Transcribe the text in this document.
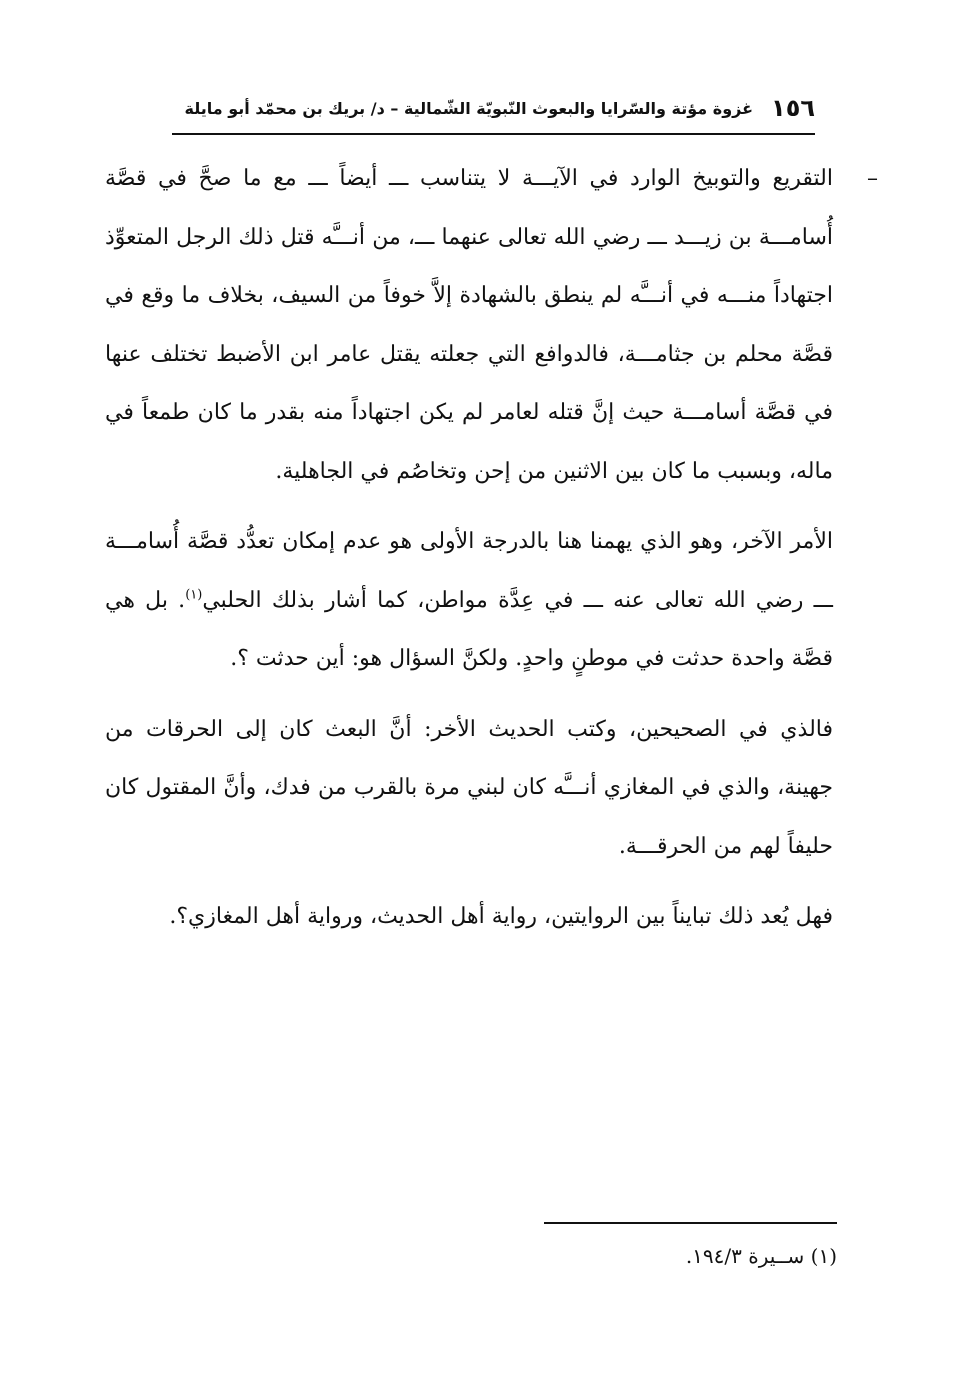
١٥٦
غزوة مؤتة والسّرايا والبعوث النّبويّة الشّمالية – د/ بريك بن محمّد أبو مايلة

–
التقريع والتوبيخ الوارد في الآيـــة لا يتناسب ـــ أيضاً ـــ مع ما صحَّ في قصَّة أُسامـــة بن زيـــد ـــ رضي الله تعالى عنهما ـــ، من أنـــَّه قتل ذلك الرجل المتعوِّذ اجتهاداً منـــه في أنـــَّه لم ينطق بالشهادة إلاَّ خوفاً من السيف، بخلاف ما وقع في قصَّة محلم بن جثامـــة، فالدوافع التي جعلته يقتل عامر ابن الأضبط تختلف عنها في قصَّة أسامـــة حيث إنَّ قتله لعامر لم يكن اجتهاداً منه بقدر ما كان طمعاً في ماله، وبسبب ما كان بين الاثنين من إحن وتخاصُم في الجاهلية.

الأمر الآخر، وهو الذي يهمنا هنا بالدرجة الأولى هو عدم إمكان تعدُّد قصَّة أُسامـــة ـــ رضي الله تعالى عنه ـــ في عِدَّة مواطن، كما أشار بذلك الحلبي$^{(١)}$. بل هي قصَّة واحدة حدثت في موطنٍ واحدٍ. ولكنَّ السؤال هو: أين حدثت ؟.

فالذي في الصحيحين، وكتب الحديث الأخر: أنَّ البعث كان إلى الحرقات من جهينة، والذي في المغازي أنـــَّه كان لبني مرة بالقرب من فدك، وأنَّ المقتول كان حليفاً لهم من الحرقـــة.

فهل يُعد ذلك تبايناً بين الروايتين، رواية أهل الحديث، ورواية أهل المغازي؟.

(١) ســيرة ١٩٤/٣.
